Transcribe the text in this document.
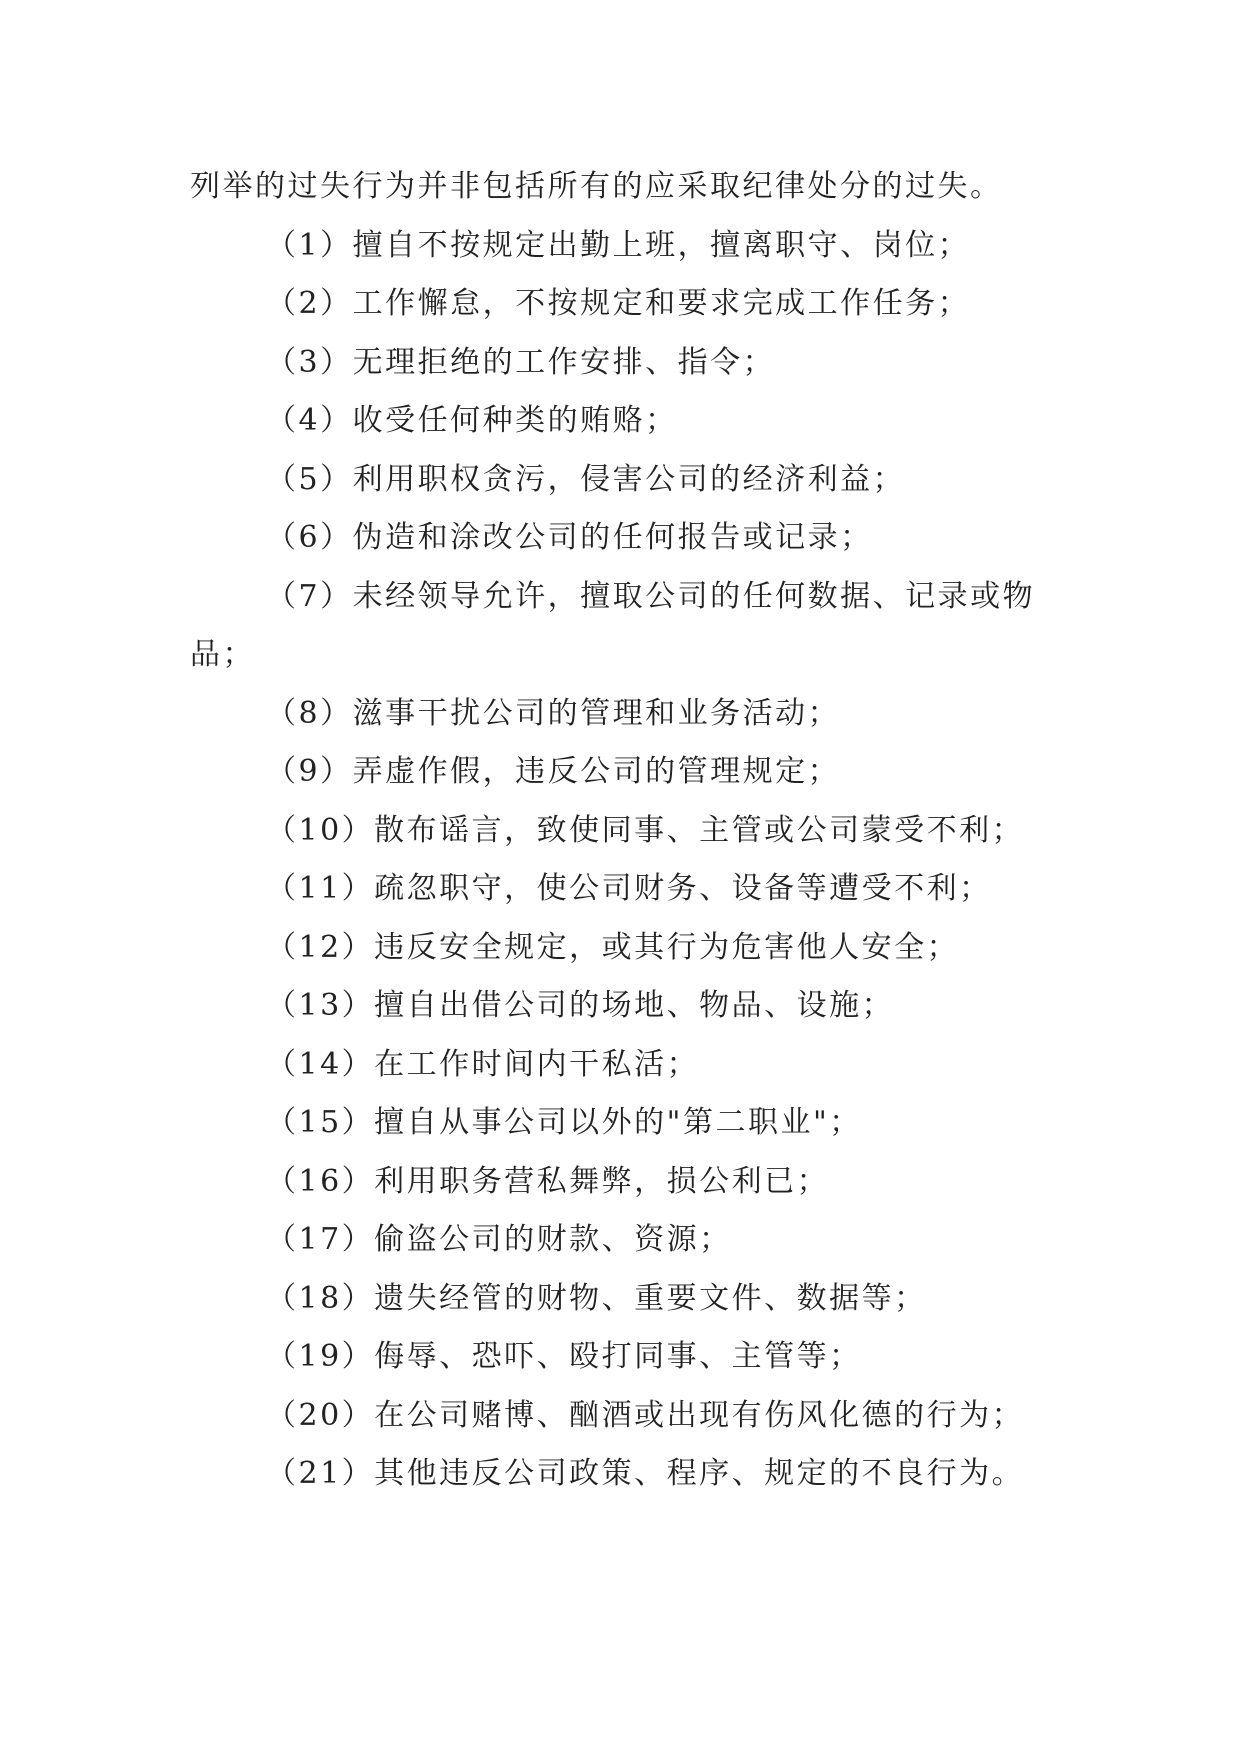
列举的过失行为并非包括所有的应采取纪律处分的过失。

（1）擅自不按规定出勤上班，擅离职守、岗位；

（2）工作懈怠，不按规定和要求完成工作任务；

（3）无理拒绝的工作安排、指令；

（4）收受任何种类的贿赂；

（5）利用职权贪污，侵害公司的经济利益；

（6）伪造和涂改公司的任何报告或记录；

（7）未经领导允许，擅取公司的任何数据、记录或物品；

（8）滋事干扰公司的管理和业务活动；

（9）弄虚作假，违反公司的管理规定；

（10）散布谣言，致使同事、主管或公司蒙受不利；

（11）疏忽职守，使公司财务、设备等遭受不利；

（12）违反安全规定，或其行为危害他人安全；

（13）擅自出借公司的场地、物品、设施；

（14）在工作时间内干私活；

（15）擅自从事公司以外的"第二职业"；

（16）利用职务营私舞弊，损公利已；

（17）偷盗公司的财款、资源；

（18）遗失经管的财物、重要文件、数据等；

（19）侮辱、恐吓、殴打同事、主管等；

（20）在公司赌博、酗酒或出现有伤风化德的行为；

（21）其他违反公司政策、程序、规定的不良行为。
